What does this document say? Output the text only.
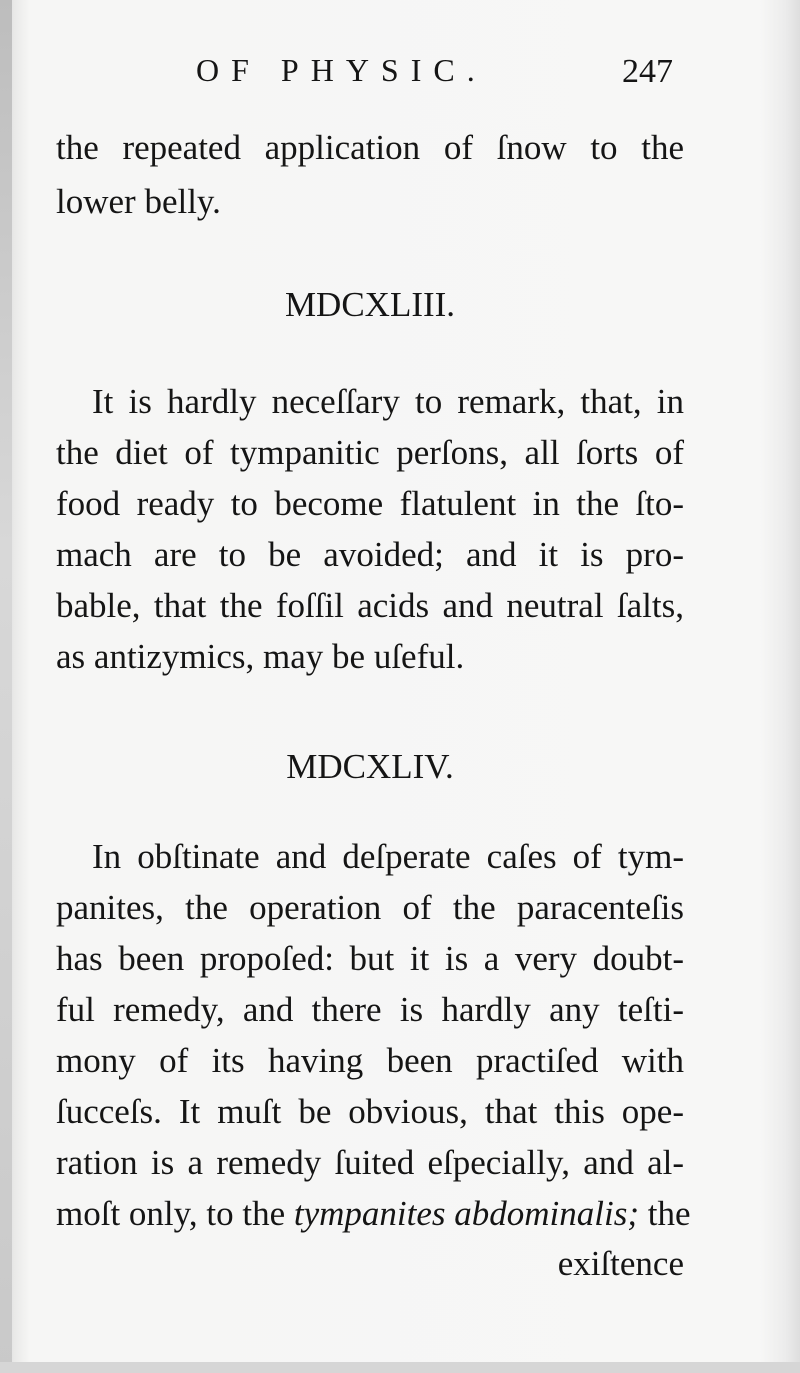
OF PHYSIC.	247
the repeated application of ſnow to the
lower belly.
MDCXLIII.
It is hardly neceſſary to remark, that, in
the diet of tympanitic perſons, all ſorts of
food ready to become flatulent in the ſto-
mach are to be avoided; and it is pro-
bable, that the foſſil acids and neutral ſalts,
as antizymics, may be uſeful.
MDCXLIV.
In obſtinate and deſperate caſes of tym-
panites, the operation of the paracenteſis
has been propoſed: but it is a very doubt-
ful remedy, and there is hardly any teſti-
mony of its having been practiſed with
ſucceſs. It muſt be obvious, that this ope-
ration is a remedy ſuited eſpecially, and al-
moſt only, to the tympanites abdominalis; the
exiſtence
